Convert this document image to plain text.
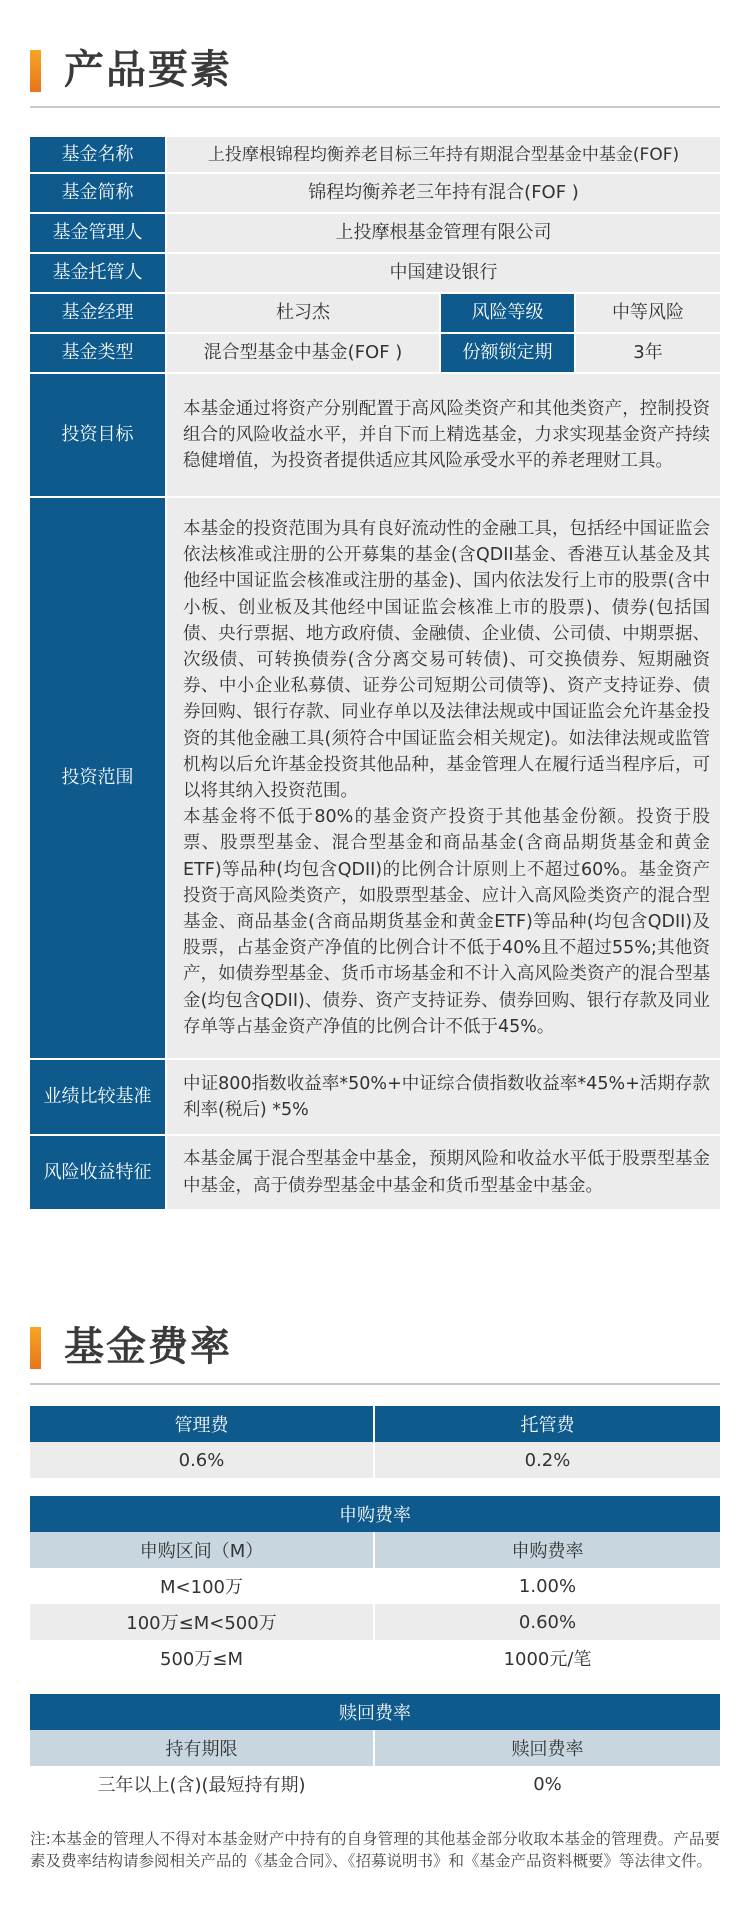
产品要素
基金名称	上投摩根锦程均衡养老目标三年持有期混合型基金中基金(FOF)		
基金简称	锦程均衡养老三年持有混合(FOF )		
基金管理人	上投摩根基金管理有限公司		
基金托管人	中国建设银行		
基金经理	杜习杰	风险等级	中等风险
基金类型	混合型基金中基金(FOF )	份额锁定期	3年
投资目标	本基金通过将资产分别配置于高风险类资产和其他类资产，控制投资组合的风险收益水平，并自下而上精选基金，力求实现基金资产持续稳健增值，为投资者提供适应其风险承受水平的养老理财工具。		
投资范围	本基金的投资范围为具有良好流动性的金融工具，包括经中国证监会依法核准或注册的公开募集的基金(含QDII基金、香港互认基金及其他经中国证监会核准或注册的基金)、国内依法发行上市的股票(含中小板、创业板及其他经中国证监会核准上市的股票)、债券(包括国债、央行票据、地方政府债、金融债、企业债、公司债、中期票据、次级债、可转换债券(含分离交易可转债)、可交换债券、短期融资券、中小企业私募债、证券公司短期公司债等)、资产支持证券、债券回购、银行存款、同业存单以及法律法规或中国证监会允许基金投资的其他金融工具(须符合中国证监会相关规定)。如法律法规或监管机构以后允许基金投资其他品种，基金管理人在履行适当程序后，可以将其纳入投资范围。
本基金将不低于80%的基金资产投资于其他基金份额。投资于股票、股票型基金、混合型基金和商品基金(含商品期货基金和黄金ETF)等品种(均包含QDII)的比例合计原则上不超过60%。基金资产投资于高风险类资产，如股票型基金、应计入高风险类资产的混合型基金、商品基金(含商品期货基金和黄金ETF)等品种(均包含QDII)及股票，占基金资产净值的比例合计不低于40%且不超过55%;其他资产，如债券型基金、货币市场基金和不计入高风险类资产的混合型基金(均包含QDII)、债券、资产支持证券、债券回购、银行存款及同业存单等占基金资产净值的比例合计不低于45%。		

业绩比较基准	中证800指数收益率*50%+中证综合债指数收益率*45%+活期存款利率(税后) *5%		
风险收益特征	本基金属于混合型基金中基金，预期风险和收益水平低于股票型基金中基金，高于债券型基金中基金和货币型基金中基金。		
基金费率
管理费	托管费
0.6%	0.2%
申购费率	
申购区间（M）	申购费率
M<100万	1.00%
100万≤M<500万	0.60%
500万≤M	1000元/笔
赎回费率	
持有期限	赎回费率
三年以上(含)(最短持有期)	0%
注:本基金的管理人不得对本基金财产中持有的自身管理的其他基金部分收取本基金的管理费。产品要素及费率结构请参阅相关产品的《基金合同》、《招募说明书》和《基金产品资料概要》等法律文件。
